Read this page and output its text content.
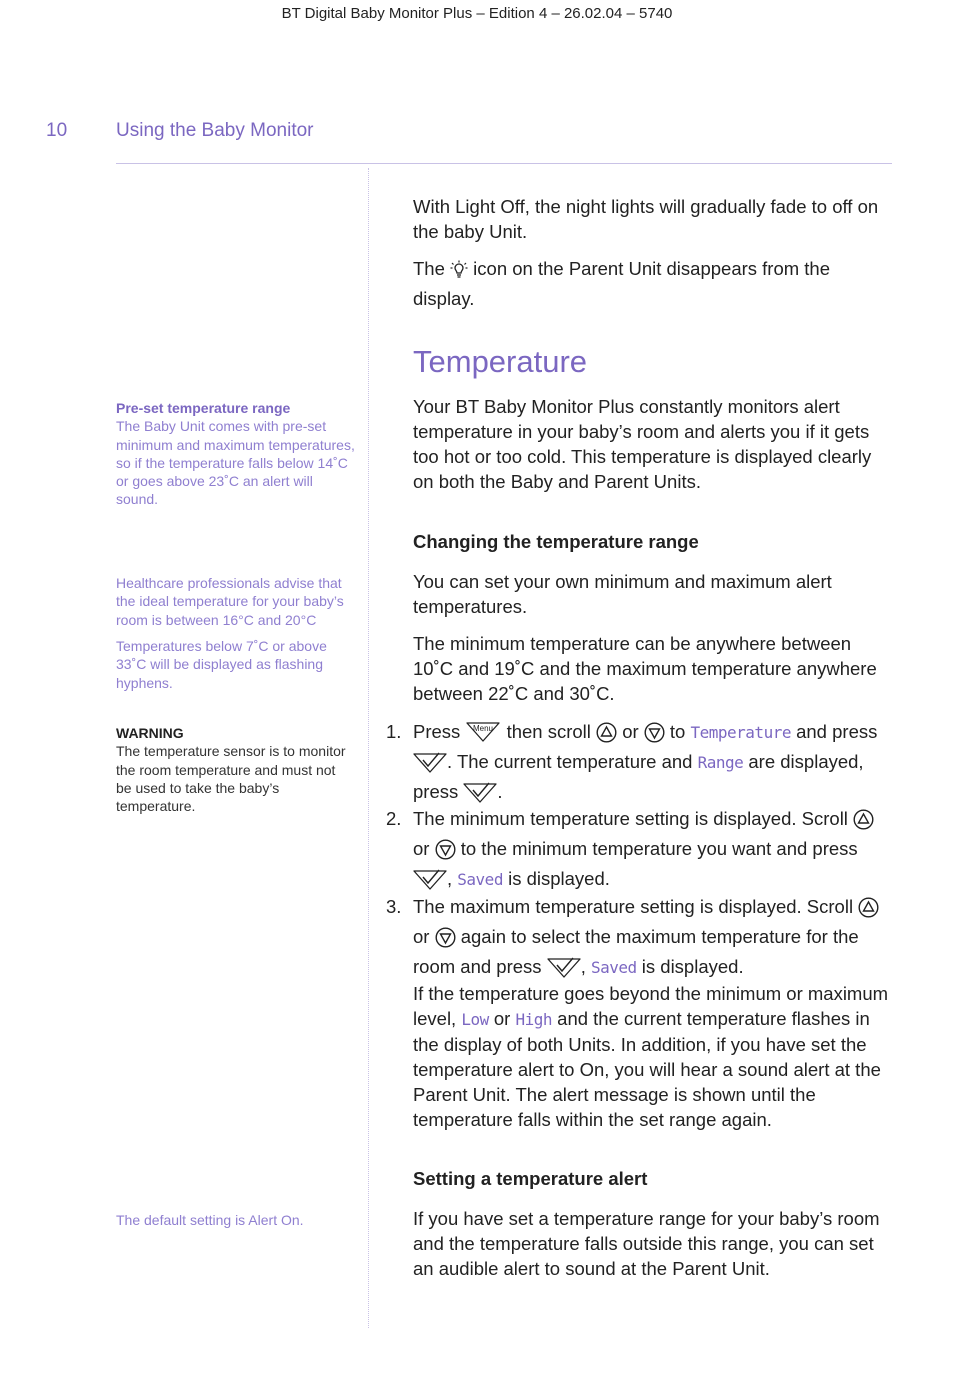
BT Digital Baby Monitor Plus – Edition 4 – 26.02.04 – 5740
10	Using the Baby Monitor

With Light Off, the night lights will gradually fade to off on the baby Unit.

The icon on the Parent Unit disappears from the display.

Temperature

Your BT Baby Monitor Plus constantly monitors alert temperature in your baby’s room and alerts you if it gets too hot or too cold. This temperature is displayed clearly on both the Baby and Parent Units.

Changing the temperature range

You can set your own minimum and maximum alert temperatures.

The minimum temperature can be anywhere between 10˚C and 19˚C and the maximum temperature anywhere between 22˚C and 30˚C.

1. Press Menu then scroll or to Temperature and press . The current temperature and Range are displayed, press .
2. The minimum temperature setting is displayed. Scroll  or to the minimum temperature you want and press , Saved is displayed.
3. The maximum temperature setting is displayed. Scroll  or again to select the maximum temperature for the room and press , Saved is displayed.

If the temperature goes beyond the minimum or maximum level, Low or High and the current temperature flashes in the display of both Units. In addition, if you have set the temperature alert to On, you will hear a sound alert at the Parent Unit. The alert message is shown until the temperature falls within the set range again.

Setting a temperature alert

If you have set a temperature range for your baby’s room and the temperature falls outside this range, you can set an audible alert to sound at the Parent Unit.

Pre-set temperature range

The Baby Unit comes with pre-set minimum and maximum temperatures, so if the temperature falls below 14˚C or goes above 23˚C an alert will sound.

Healthcare professionals advise that the ideal temperature for your baby’s room is between 16°C and 20°C

Temperatures below 7˚C or above 33˚C will be displayed as flashing hyphens.

WARNING

The temperature sensor is to monitor the room temperature and must not be used to take the baby’s temperature.

The default setting is Alert On.
